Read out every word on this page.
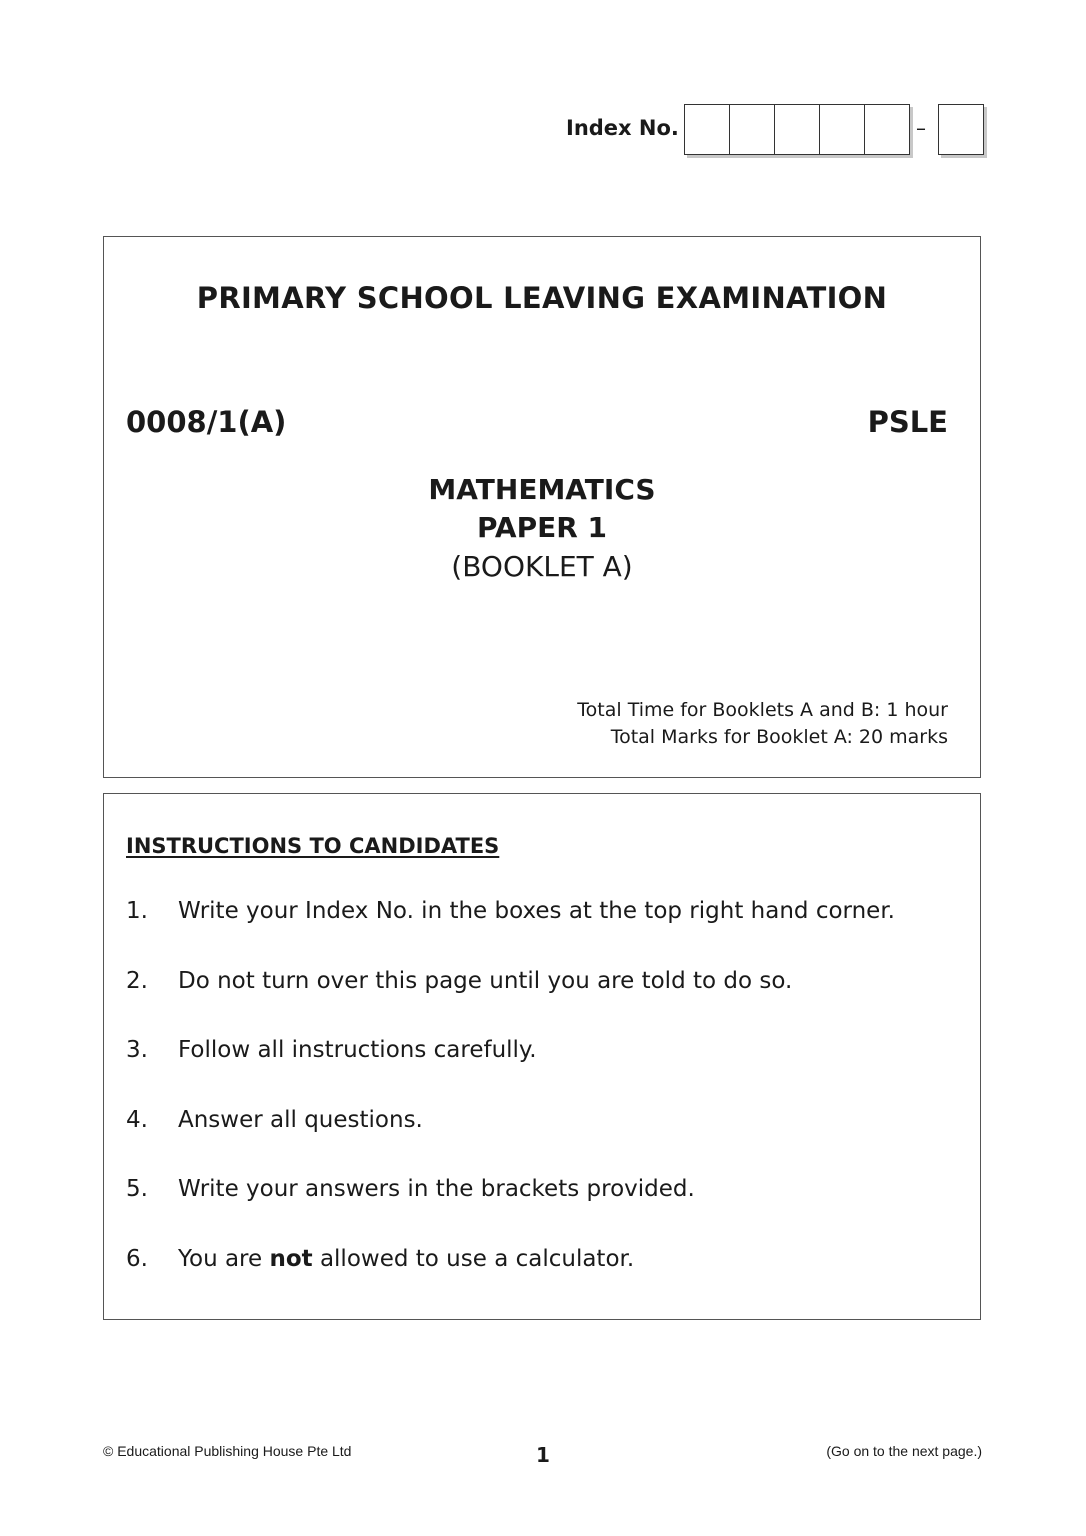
Index No.	–
PRIMARY SCHOOL LEAVING EXAMINATION
0008/1(A)	PSLE
MATHEMATICS
PAPER 1
(BOOKLET A)
Total Time for Booklets A and B: 1 hour
Total Marks for Booklet A: 20 marks
INSTRUCTIONS TO CANDIDATES
1.	Write your Index No. in the boxes at the top right hand corner.
2.	Do not turn over this page until you are told to do so.
3.	Follow all instructions carefully.
4.	Answer all questions.
5.	Write your answers in the brackets provided.
6.	You are not allowed to use a calculator.
© Educational Publishing House Pte Ltd	1	(Go on to the next page.)
